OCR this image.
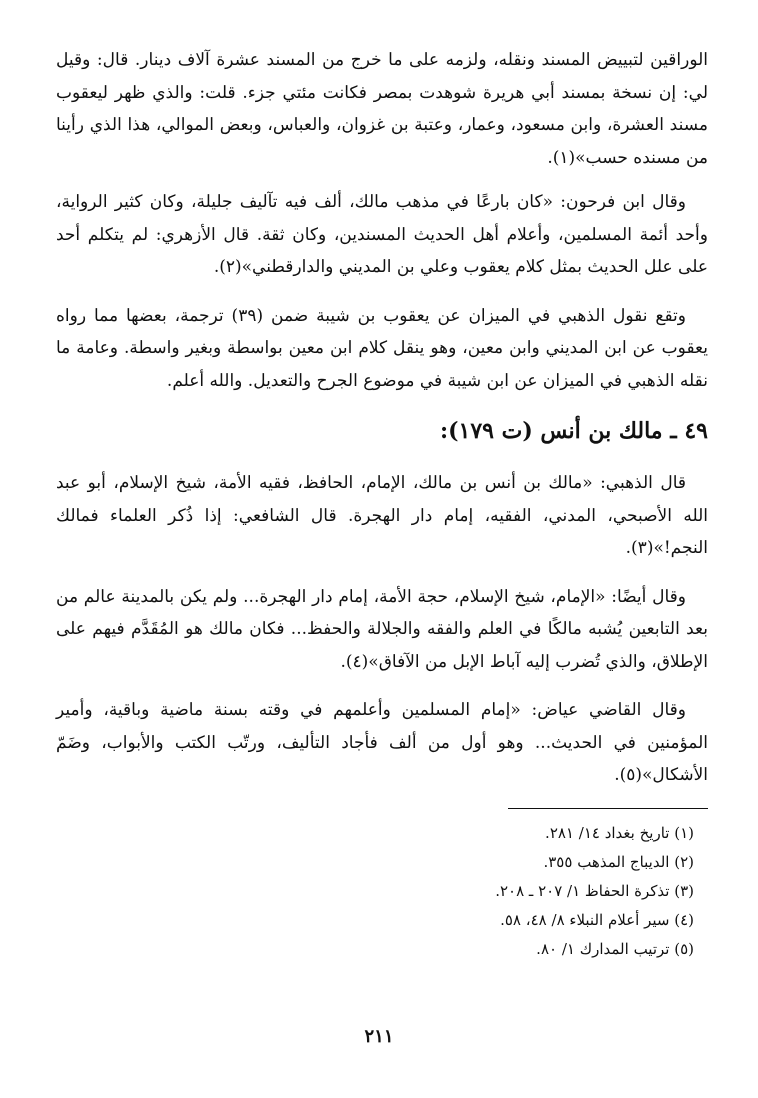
الوراقين لتبييض المسند ونقله، ولزمه على ما خرج من المسند عشرة آلاف دينار. قال: وقيل لي: إن نسخة بمسند أبي هريرة شوهدت بمصر فكانت مئتي جزء. قلت: والذي ظهر ليعقوب مسند العشرة، وابن مسعود، وعمار، وعتبة بن غزوان، والعباس، وبعض الموالي، هذا الذي رأينا من مسنده حسب»(١).

وقال ابن فرحون: «كان بارعًا في مذهب مالك، ألف فيه تآليف جليلة، وكان كثير الرواية، وأحد أئمة المسلمين، وأعلام أهل الحديث المسندين، وكان ثقة. قال الأزهري: لم يتكلم أحد على علل الحديث بمثل كلام يعقوب وعلي بن المديني والدارقطني»(٢).

وتقع نقول الذهبي في الميزان عن يعقوب بن شيبة ضمن (٣٩) ترجمة، بعضها مما رواه يعقوب عن ابن المديني وابن معين، وهو ينقل كلام ابن معين بواسطة وبغير واسطة. وعامة ما نقله الذهبي في الميزان عن ابن شيبة في موضوع الجرح والتعديل. والله أعلم.

٤٩ ـ مالك بن أنس (ت ١٧٩):

قال الذهبي: «مالك بن أنس بن مالك، الإمام، الحافظ، فقيه الأمة، شيخ الإسلام، أبو عبد الله الأصبحي، المدني، الفقيه، إمام دار الهجرة. قال الشافعي: إذا ذُكر العلماء فمالك النجم!»(٣).

وقال أيضًا: «الإمام، شيخ الإسلام، حجة الأمة، إمام دار الهجرة... ولم يكن بالمدينة عالم من بعد التابعين يُشبه مالكًا في العلم والفقه والجلالة والحفظ... فكان مالك هو المُقَدَّم فيهم على الإطلاق، والذي تُضرب إليه آباط الإبل من الآفاق»(٤).

وقال القاضي عياض: «إمام المسلمين وأعلمهم في وقته بسنة ماضية وباقية، وأمير المؤمنين في الحديث... وهو أول من ألف فأجاد التأليف، ورتّب الكتب والأبواب، وضَمّ الأشكال»(٥).

(١) تاريخ بغداد ١٤/ ٢٨١.
(٢) الديباج المذهب ٣٥٥.
(٣) تذكرة الحفاظ ١/ ٢٠٧ ـ ٢٠٨.
(٤) سير أعلام النبلاء ٨/ ٤٨، ٥٨.
(٥) ترتيب المدارك ١/ ٨٠.
٢١١
